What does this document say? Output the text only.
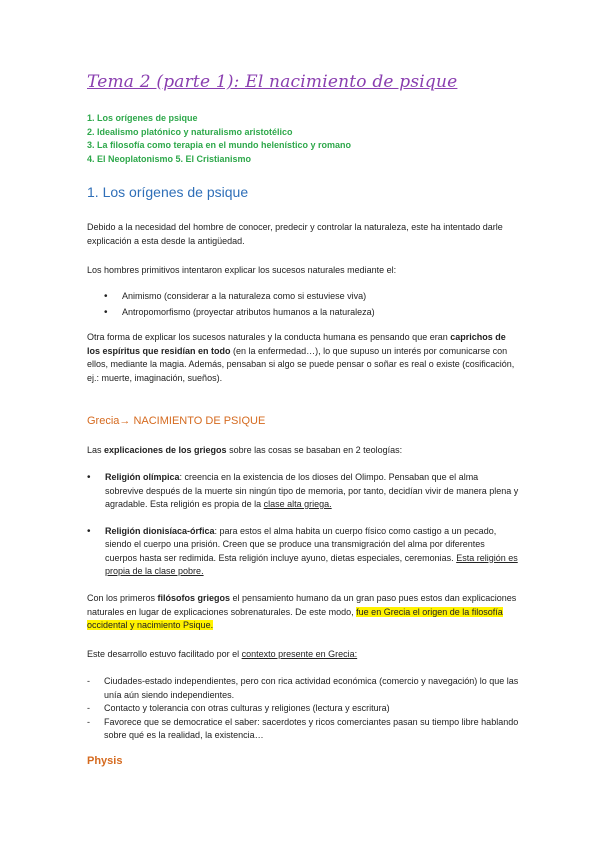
Tema 2 (parte 1): El nacimiento de psique
1. Los orígenes de psique
2. Idealismo platónico y naturalismo aristotélico
3. La filosofía como terapia en el mundo helenístico y romano
4. El Neoplatonismo 5. El Cristianismo
1. Los orígenes de psique
Debido a la necesidad del hombre de conocer, predecir y controlar la naturaleza, este ha intentado darle explicación a esta desde la antigüedad.
Los hombres primitivos intentaron explicar los sucesos naturales mediante el:
• Animismo (considerar a la naturaleza como si estuviese viva)
• Antropomorfismo (proyectar atributos humanos a la naturaleza)
Otra forma de explicar los sucesos naturales y la conducta humana es pensando que eran caprichos de los espíritus que residían en todo (en la enfermedad…), lo que supuso un interés por comunicarse con ellos, mediante la magia. Además, pensaban si algo se puede pensar o soñar es real o existe (cosificación, ej.: muerte, imaginación, sueños).
Grecia→ NACIMIENTO DE PSIQUE
Las explicaciones de los griegos sobre las cosas se basaban en 2 teologías:
• Religión olímpica: creencia en la existencia de los dioses del Olimpo. Pensaban que el alma sobrevive después de la muerte sin ningún tipo de memoria, por tanto, decidían vivir de manera plena y agradable. Esta religión es propia de la clase alta griega.
• Religión dionisíaca-órfica: para estos el alma habita un cuerpo físico como castigo a un pecado, siendo el cuerpo una prisión. Creen que se produce una transmigración del alma por diferentes cuerpos hasta ser redimida. Esta religión incluye ayuno, dietas especiales, ceremonias. Esta religión es propia de la clase pobre.
Con los primeros filósofos griegos el pensamiento humano da un gran paso pues estos dan explicaciones naturales en lugar de explicaciones sobrenaturales. De este modo, fue en Grecia el origen de la filosofía occidental y nacimiento Psique.
Este desarrollo estuvo facilitado por el contexto presente en Grecia:
- Ciudades-estado independientes, pero con rica actividad económica (comercio y navegación) lo que las unía aún siendo independientes.
- Contacto y tolerancia con otras culturas y religiones (lectura y escritura)
- Favorece que se democratice el saber: sacerdotes y ricos comerciantes pasan su tiempo libre hablando sobre qué es la realidad, la existencia…
Physis
